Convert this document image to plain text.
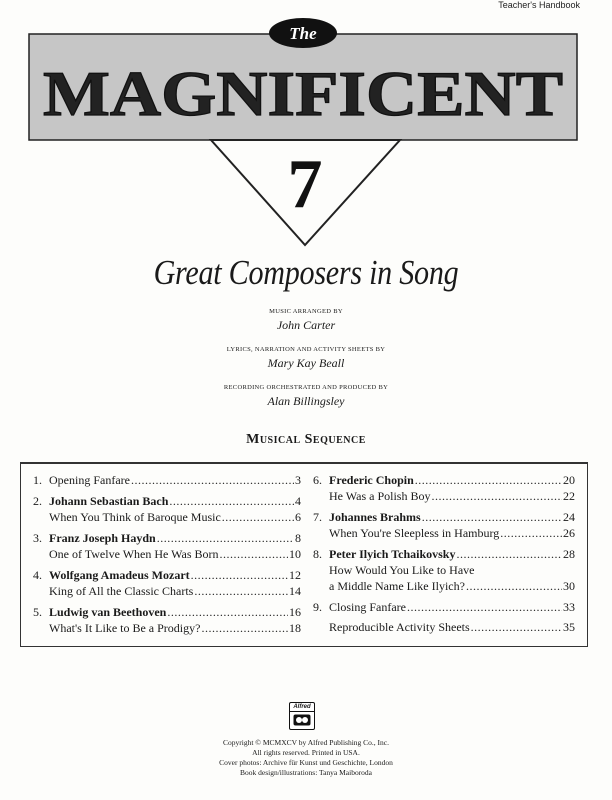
Teacher's Handbook
The
MAGNIFICENT
7
Great Composers in Song

MUSIC ARRANGED BY

John Carter

LYRICS, NARRATION AND ACTIVITY SHEETS BY

Mary Kay Beall

RECORDING ORCHESTRATED AND PRODUCED BY

Alan Billingsley

Musical Sequence
1. Opening Fanfare .....	3
2. Johann Sebastian Bach .....	4
When You Think of Baroque Music .....	6
3. Franz Joseph Haydn .....	8
One of Twelve When He Was Born .....	10
4. Wolfgang Amadeus Mozart .....	12
King of All the Classic Charts .....	14
5. Ludwig van Beethoven .....	16
What's It Like to Be a Prodigy? .....	18
6. Frederic Chopin .....	20
He Was a Polish Boy .....	22
7. Johannes Brahms .....	24
When You're Sleepless in Hamburg .....	26
8. Peter Ilyich Tchaikovsky .....	28
How Would You Like to Have
a Middle Name Like Ilyich? .....	30
9. Closing Fanfare .....	33
Reproducible Activity Sheets .....	35
Alfred

Copyright © MCMXCV by Alfred Publishing Co., Inc.

All rights reserved. Printed in USA.

Cover photos: Archive für Kunst und Geschichte, London

Book design/illustrations: Tanya Maiboroda
